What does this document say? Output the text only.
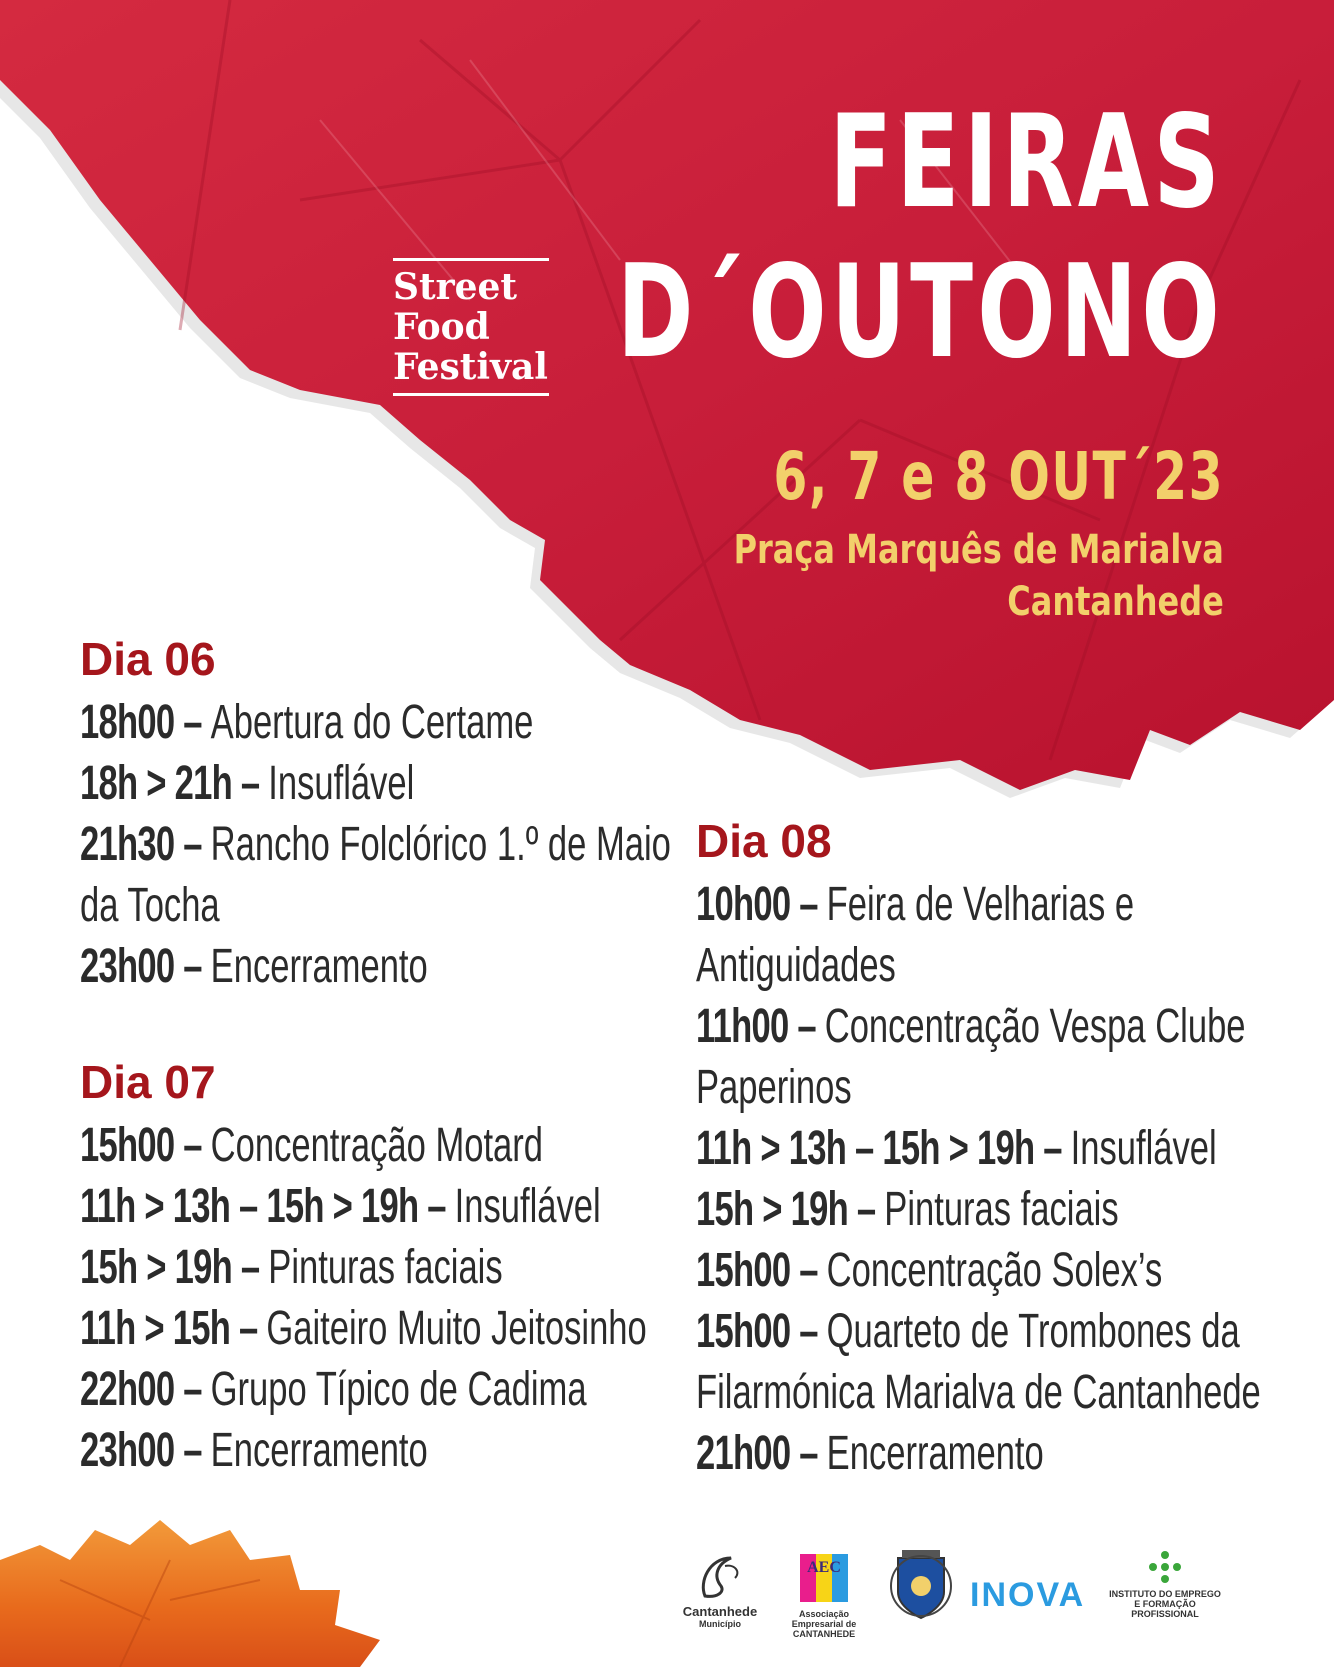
Street
Food
Festival
FEIRAS
D´OUTONO
6, 7 e 8 OUT´23
Praça Marquês de Marialva
Cantanhede
Dia 06
18h00 – Abertura do Certame
18h > 21h – Insuflável
21h30 – Rancho Folclórico 1.º de Maio
da Tocha
23h00 – Encerramento
Dia 07
15h00 – Concentração Motard
11h > 13h – 15h > 19h – Insuflável
15h > 19h – Pinturas faciais
11h > 15h – Gaiteiro Muito Jeitosinho
22h00 – Grupo Típico de Cadima
23h00 – Encerramento
Dia 08
10h00 – Feira de Velharias e
Antiguidades
11h00 – Concentração Vespa Clube
Paperinos
11h > 13h – 15h > 19h – Insuflável
15h > 19h – Pinturas faciais
15h00 – Concentração Solex’s
15h00 – Quarteto de Trombones da
Filarmónica Marialva de Cantanhede
21h00 – Encerramento
Cantanhede
Município
AEC
Associação Empresarial de CANTANHEDE
INOVA	INSTITUTO DO EMPREGO
E FORMAÇÃO PROFISSIONAL
